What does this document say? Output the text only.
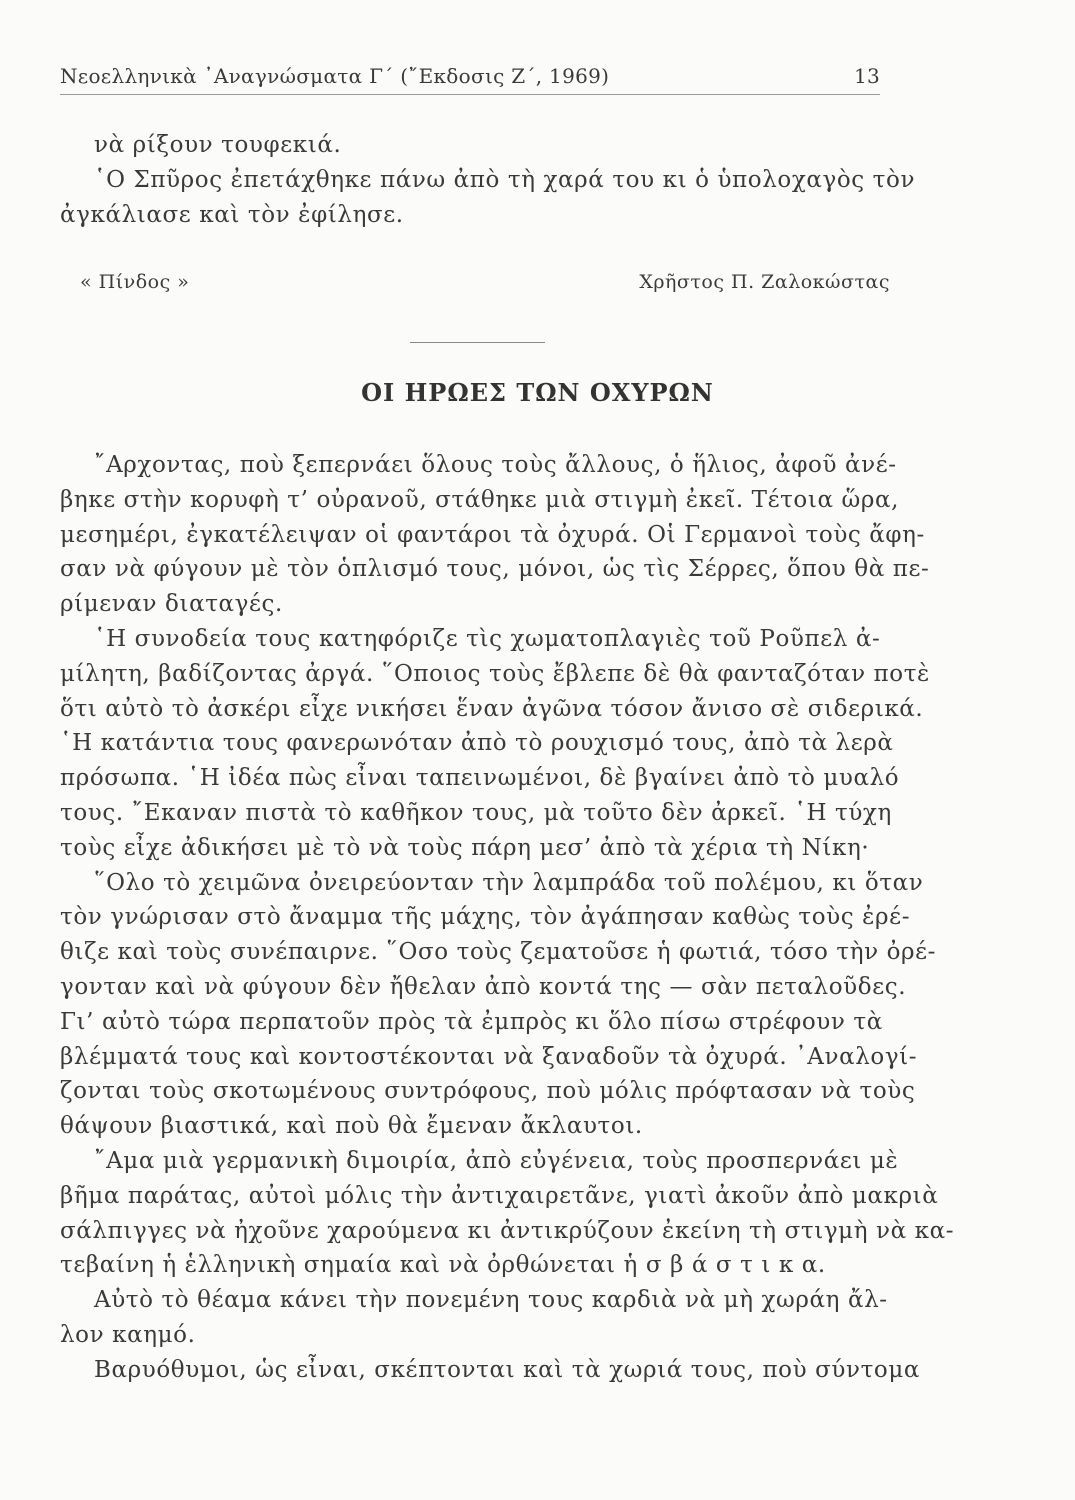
Νεοελληνικὰ ᾿Αναγνώσματα Γ΄ (῎Εκδοσις Ζ΄, 1969)	13
νὰ ρίξουν τουφεκιά.
῾Ο Σπῦρος ἐπετάχθηκε πάνω ἀπὸ τὴ χαρά του κι ὁ ὑπολοχαγὸς τὸν
ἀγκάλιασε καὶ τὸν ἐφίλησε.
« Πίνδος »	Χρῆστος Π. Ζαλοκώστας
ΟΙ ΗΡΩΕΣ ΤΩΝ ΟΧΥΡΩΝ
῎Αρχοντας, ποὺ ξεπερνάει ὅλους τοὺς ἄλλους, ὁ ἥλιος, ἀφοῦ ἀνέ-
βηκε στὴν κορυφὴ τ’ οὐρανοῦ, στάθηκε μιὰ στιγμὴ ἐκεῖ. Τέτοια ὥρα,
μεσημέρι, ἐγκατέλειψαν οἱ φαντάροι τὰ ὀχυρά. Οἱ Γερμανοὶ τοὺς ἄφη-
σαν νὰ φύγουν μὲ τὸν ὁπλισμό τους, μόνοι, ὡς τὶς Σέρρες, ὅπου θὰ πε-
ρίμεναν διαταγές.
῾Η συνοδεία τους κατηφόριζε τὶς χωματοπλαγιὲς τοῦ Ροῦπελ ἀ-
μίλητη, βαδίζοντας ἀργά. ῞Οποιος τοὺς ἔβλεπε δὲ θὰ φανταζόταν ποτὲ
ὅτι αὐτὸ τὸ ἀσκέρι εἶχε νικήσει ἕναν ἀγῶνα τόσον ἄνισο σὲ σιδερικά.
῾Η κατάντια τους φανερωνόταν ἀπὸ τὸ ρουχισμό τους, ἀπὸ τὰ λερὰ
πρόσωπα. ῾Η ἰδέα πὼς εἶναι ταπεινωμένοι, δὲ βγαίνει ἀπὸ τὸ μυαλό
τους. ῎Εκαναν πιστὰ τὸ καθῆκον τους, μὰ τοῦτο δὲν ἀρκεῖ. ῾Η τύχη
τοὺς εἶχε ἀδικήσει μὲ τὸ νὰ τοὺς πάρη μεσ’ ἀπὸ τὰ χέρια τὴ Νίκη·
῞Ολο τὸ χειμῶνα ὀνειρεύονταν τὴν λαμπράδα τοῦ πολέμου, κι ὅταν
τὸν γνώρισαν στὸ ἄναμμα τῆς μάχης, τὸν ἀγάπησαν καθὼς τοὺς ἐρέ-
θιζε καὶ τοὺς συνέπαιρνε. ῞Οσο τοὺς ζεματοῦσε ἡ φωτιά, τόσο τὴν ὀρέ-
γονταν καὶ νὰ φύγουν δὲν ἤθελαν ἀπὸ κοντά της — σὰν πεταλοῦδες.
Γι’ αὐτὸ τώρα περπατοῦν πρὸς τὰ ἐμπρὸς κι ὅλο πίσω στρέφουν τὰ
βλέμματά τους καὶ κοντοστέκονται νὰ ξαναδοῦν τὰ ὀχυρά. ᾿Αναλογί-
ζονται τοὺς σκοτωμένους συντρόφους, ποὺ μόλις πρόφτασαν νὰ τοὺς
θάψουν βιαστικά, καὶ ποὺ θὰ ἔμεναν ἄκλαυτοι.
῎Αμα μιὰ γερμανικὴ διμοιρία, ἀπὸ εὐγένεια, τοὺς προσπερνάει μὲ
βῆμα παράτας, αὐτοὶ μόλις τὴν ἀντιχαιρετᾶνε, γιατὶ ἀκοῦν ἀπὸ μακριὰ
σάλπιγγες νὰ ἠχοῦνε χαρούμενα κι ἀντικρύζουν ἐκείνη τὴ στιγμὴ νὰ κα-
τεβαίνη ἡ ἑλληνικὴ σημαία καὶ νὰ ὀρθώνεται ἡ σ β ά σ τ ι κ α.
Αὐτὸ τὸ θέαμα κάνει τὴν πονεμένη τους καρδιὰ νὰ μὴ χωράη ἄλ-
λον καημό.
Βαρυόθυμοι, ὡς εἶναι, σκέπτονται καὶ τὰ χωριά τους, ποὺ σύντομα
